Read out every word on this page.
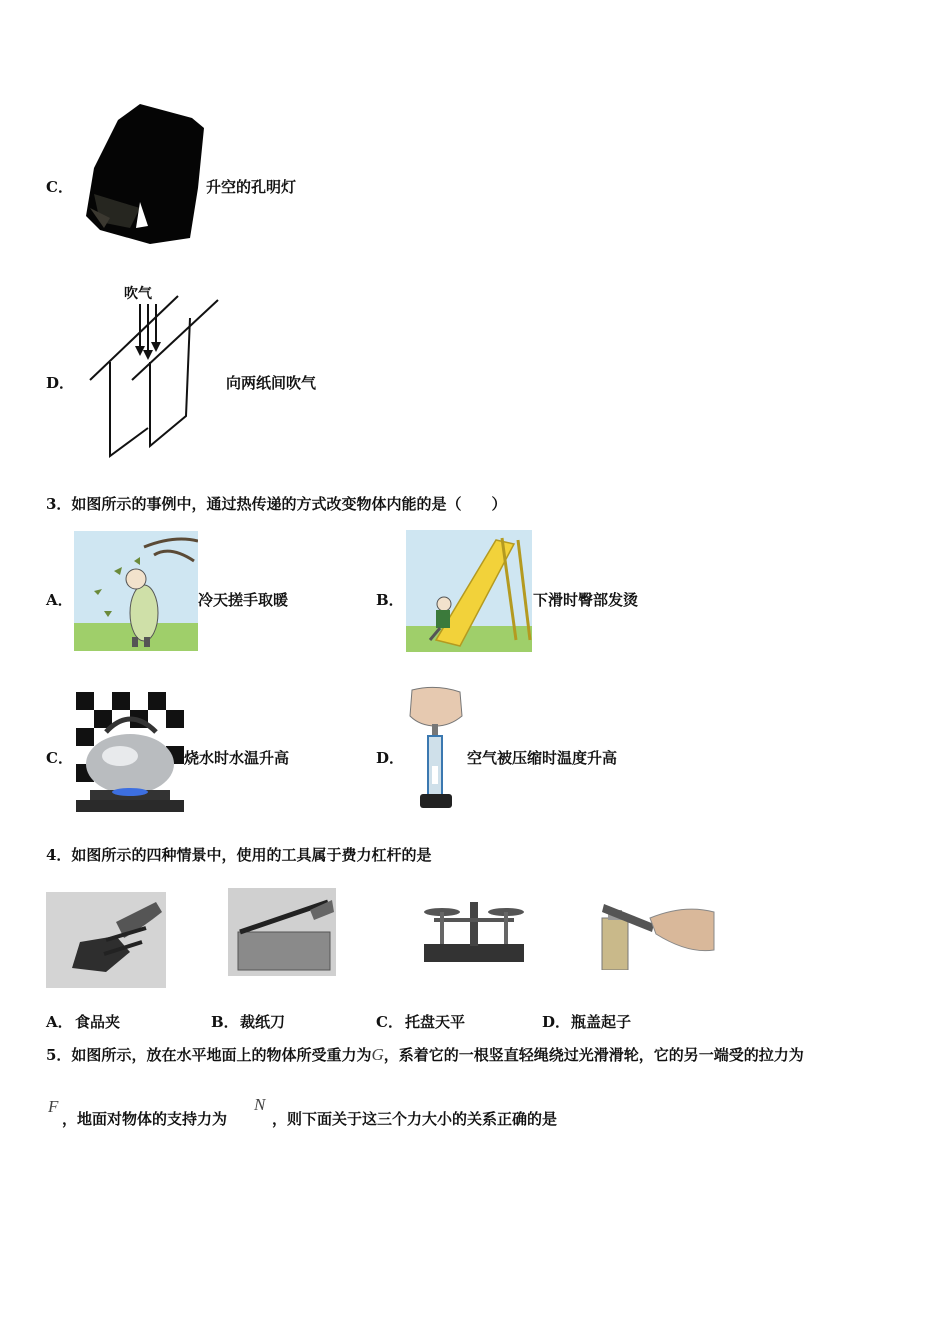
C．	升空的孔明灯
D．
吹气
向两纸间吹气
3．如图所示的事例中，通过热传递的方式改变物体内能的是（　　）
A．	冷天搓手取暖	B．	下滑时臀部发烫
C．	烧水时水温升高	D．	空气被压缩时温度升高
4．如图所示的四种情景中，使用的工具属于费力杠杆的是
A． 食品夹	B． 裁纸刀	C． 托盘天平	D． 瓶盖起子
5．如图所示，放在水平地面上的物体所受重力为G，系着它的一根竖直轻绳绕过光滑滑轮，它的另一端受的拉力为
F
，地面对物体的支持力为
N
，则下面关于这三个力大小的关系正确的是
